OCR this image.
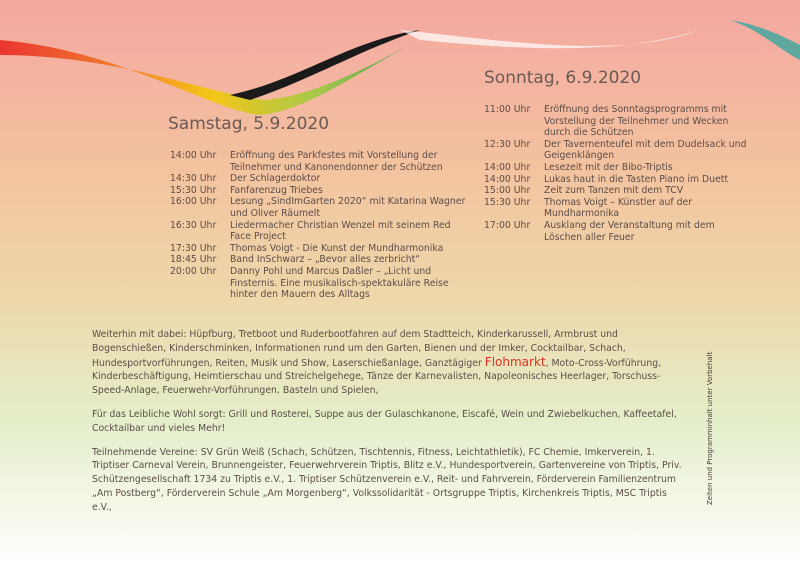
Samstag, 5.9.2020
14:00 Uhr	Eröffnung des Parkfestes mit Vorstellung der Teilnehmer und Kanonendonner der Schützen
14:30 Uhr	Der Schlagerdoktor
15:30 Uhr	Fanfarenzug Triebes
16:00 Uhr	Lesung „SindImGarten 2020“ mit Katarina Wagner und Oliver Räumelt
16:30 Uhr	Liedermacher Christian Wenzel mit seinem Red Face Project
17:30 Uhr	Thomas Voigt - Die Kunst der Mundharmonika
18:45 Uhr	Band InSchwarz – „Bevor alles zerbricht“
20:00 Uhr	Danny Pohl und Marcus Daßler – „Licht und Finsternis. Eine musikalisch-spektakuläre Reise hinter den Mauern des Alltags
Sonntag, 6.9.2020
11:00 Uhr	Eröffnung des Sonntagsprogramms mit Vorstellung der Teilnehmer und Wecken durch die Schützen
12:30 Uhr	Der Tavernenteufel mit dem Dudelsack und Geigenklängen
14:00 Uhr	Lesezeit mit der Bibo-Triptis
14:00 Uhr	Lukas haut in die Tasten Piano im Duett
15:00 Uhr	Zeit zum Tanzen mit dem TCV
15:30 Uhr	Thomas Voigt – Künstler auf der Mundharmonika
17:00 Uhr	Ausklang der Veranstaltung mit dem Löschen aller Feuer

Weiterhin mit dabei: Hüpfburg, Tretboot und Ruderbootfahren auf dem Stadtteich, Kinderkarussell, Armbrust und Bogenschießen, Kinderschminken, Informationen rund um den Garten, Bienen und der Imker, Cocktailbar, Schach, Hundesportvorführungen, Reiten, Musik und Show, Laserschießanlage, Ganztägiger Flohmarkt, Moto-Cross-Vorführung, Kinderbeschäftigung, Heimtierschau und Streichelgehege, Tänze der Karnevalisten, Napoleonisches Heerlager, Torschuss-Speed-Anlage, Feuerwehr-Vorführungen, Basteln und Spielen,

Für das Leibliche Wohl sorgt: Grill und Rosterei, Suppe aus der Gulaschkanone, Eiscafé, Wein und Zwiebelkuchen, Kaffeetafel, Cocktailbar und vieles Mehr!

Teilnehmende Vereine: SV Grün Weiß (Schach, Schützen, Tischtennis, Fitness, Leichtathletik), FC Chemie, Imkerverein, 1. Triptiser Carneval Verein, Brunnengeister, Feuerwehrverein Triptis, Blitz e.V., Hundesportverein, Gartenvereine von Triptis, Priv. Schützengesellschaft 1734 zu Triptis e.V., 1. Triptiser Schützenverein e.V., Reit- und Fahrverein, Förderverein Familienzentrum „Am Postberg“, Förderverein Schule „Am Morgenberg“, Volkssolidarität - Ortsgruppe Triptis, Kirchenkreis Triptis, MSC Triptis e.V.,

Zeiten und Programminhalt unter Vorbehalt
